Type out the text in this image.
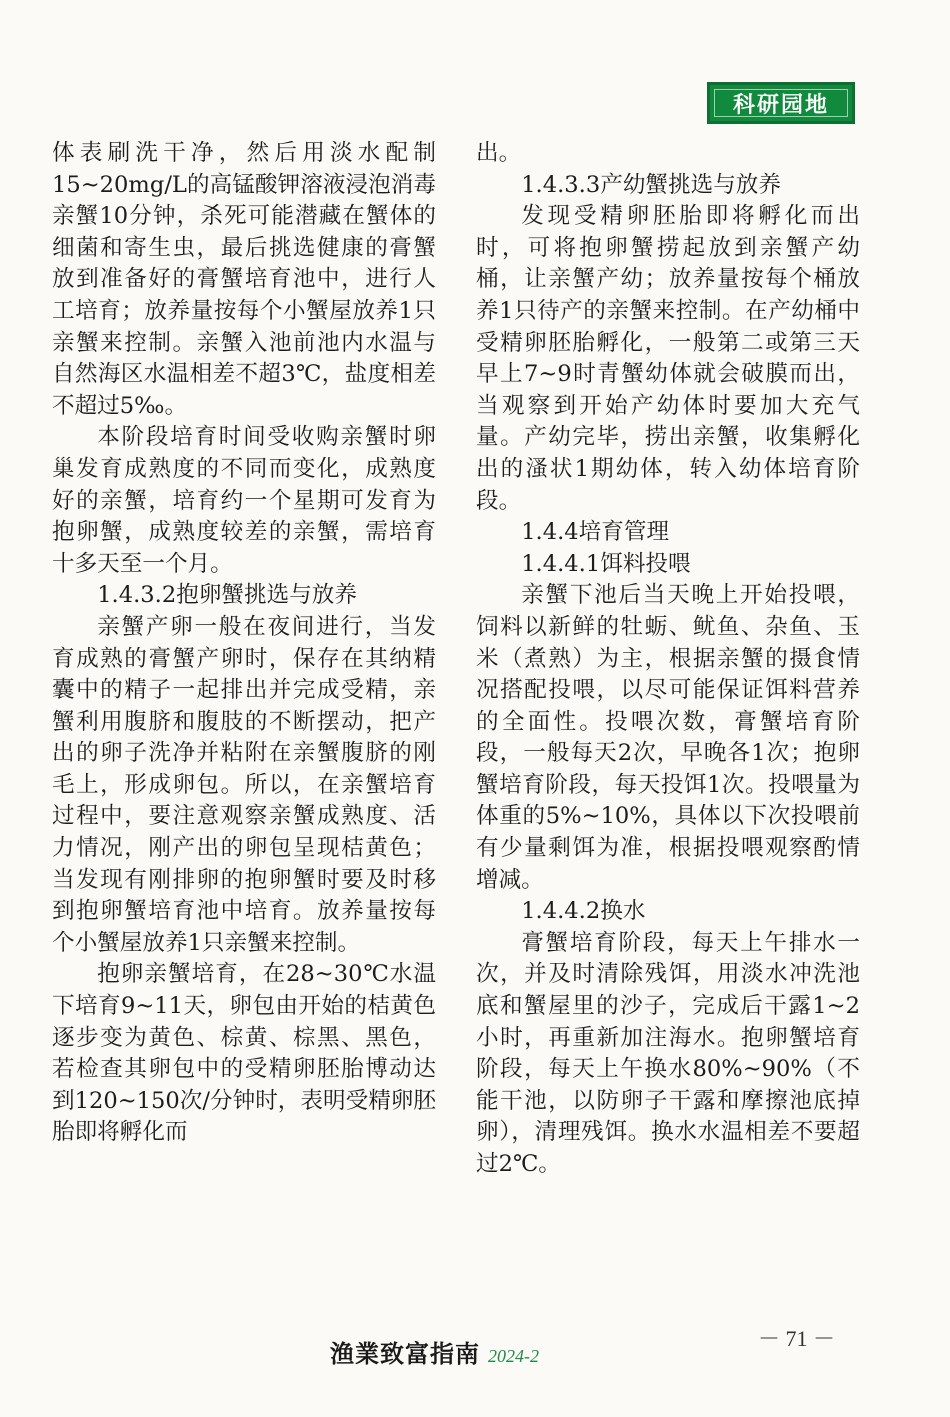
科研园地

体表刷洗干净，然后用淡水配制15~20mg/L的高锰酸钾溶液浸泡消毒亲蟹10分钟，杀死可能潜藏在蟹体的细菌和寄生虫，最后挑选健康的膏蟹放到准备好的膏蟹培育池中，进行人工培育；放养量按每个小蟹屋放养1只亲蟹来控制。亲蟹入池前池内水温与自然海区水温相差不超3℃，盐度相差不超过5‰。

本阶段培育时间受收购亲蟹时卵巢发育成熟度的不同而变化，成熟度好的亲蟹，培育约一个星期可发育为抱卵蟹，成熟度较差的亲蟹，需培育十多天至一个月。

1.4.3.2抱卵蟹挑选与放养

亲蟹产卵一般在夜间进行，当发育成熟的膏蟹产卵时，保存在其纳精囊中的精子一起排出并完成受精，亲蟹利用腹脐和腹肢的不断摆动，把产出的卵子洗净并粘附在亲蟹腹脐的刚毛上，形成卵包。所以，在亲蟹培育过程中，要注意观察亲蟹成熟度、活力情况，刚产出的卵包呈现桔黄色；当发现有刚排卵的抱卵蟹时要及时移到抱卵蟹培育池中培育。放养量按每个小蟹屋放养1只亲蟹来控制。

抱卵亲蟹培育，在28~30℃水温下培育9~11天，卵包由开始的桔黄色逐步变为黄色、棕黄、棕黑、黑色，若检查其卵包中的受精卵胚胎博动达到120~150次/分钟时，表明受精卵胚胎即将孵化而

出。

1.4.3.3产幼蟹挑选与放养

发现受精卵胚胎即将孵化而出时，可将抱卵蟹捞起放到亲蟹产幼桶，让亲蟹产幼；放养量按每个桶放养1只待产的亲蟹来控制。在产幼桶中受精卵胚胎孵化，一般第二或第三天早上7~9时青蟹幼体就会破膜而出，当观察到开始产幼体时要加大充气量。产幼完毕，捞出亲蟹，收集孵化出的溞状1期幼体，转入幼体培育阶段。

1.4.4培育管理

1.4.4.1饵料投喂

亲蟹下池后当天晚上开始投喂，饲料以新鲜的牡蛎、鱿鱼、杂鱼、玉米（煮熟）为主，根据亲蟹的摄食情况搭配投喂，以尽可能保证饵料营养的全面性。投喂次数，膏蟹培育阶段，一般每天2次，早晚各1次；抱卵蟹培育阶段，每天投饵1次。投喂量为体重的5%~10%，具体以下次投喂前有少量剩饵为准，根据投喂观察酌情增减。

1.4.4.2换水

膏蟹培育阶段，每天上午排水一次，并及时清除残饵，用淡水冲洗池底和蟹屋里的沙子，完成后干露1~2小时，再重新加注海水。抱卵蟹培育阶段，每天上午换水80%~90%（不能干池，以防卵子干露和摩擦池底掉卵），清理残饵。换水水温相差不要超过2℃。

渔業致富指南 2024-2
－ 71 －
